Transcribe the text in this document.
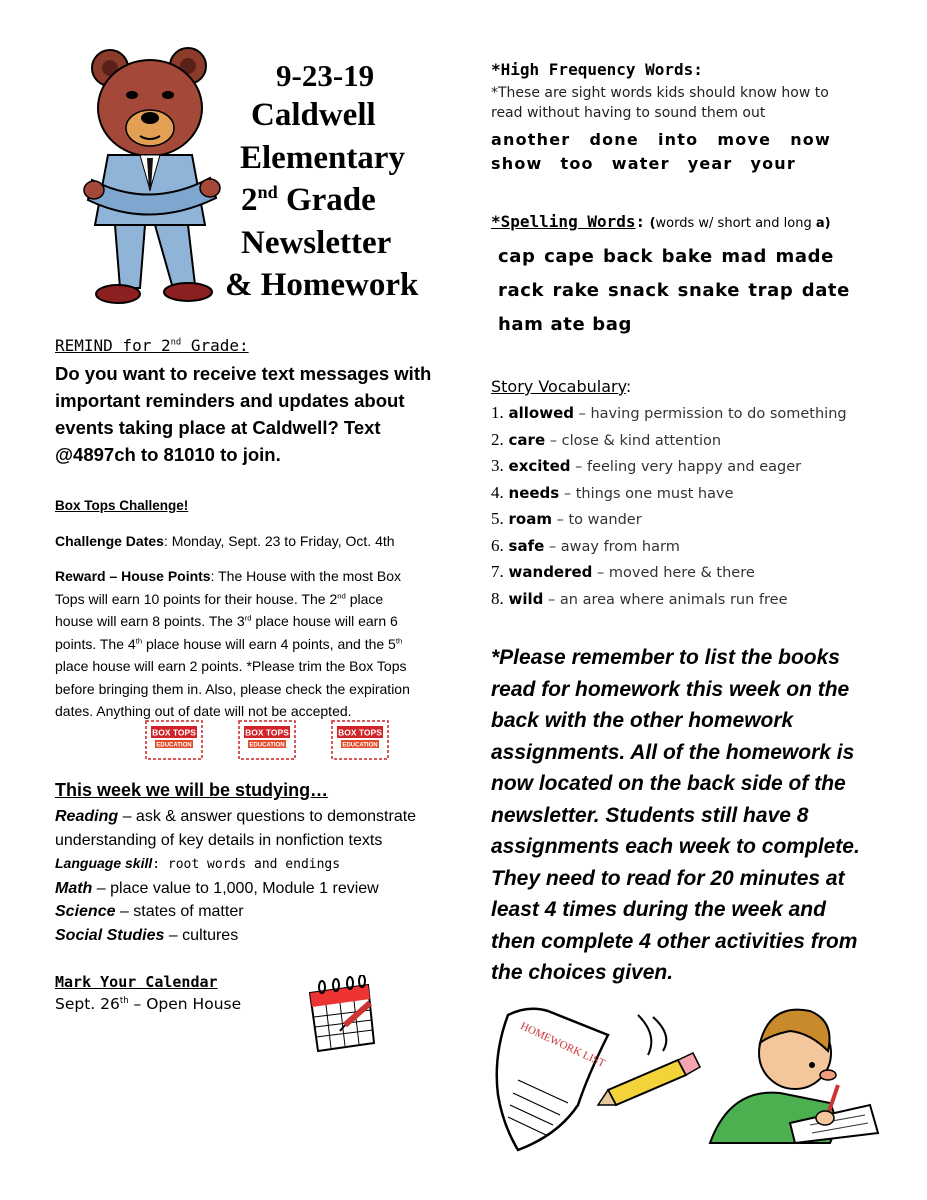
9-23-19
Caldwell
Elementary
2nd Grade
Newsletter
& Homework
REMIND for 2nd Grade:
Do you want to receive text messages with important reminders and updates about events taking place at Caldwell? Text @4897ch to 81010 to join.
Box Tops Challenge!
Challenge Dates: Monday, Sept. 23 to Friday, Oct. 4th
Reward – House Points: The House with the most Box Tops will earn 10 points for their house. The 2nd place house will earn 8 points. The 3rd place house will earn 6 points. The 4th place house will earn 4 points, and the 5th place house will earn 2 points. *Please trim the Box Tops before bringing them in. Also, please check the expiration dates. Anything out of date will not be accepted.
BOX TOPS
EDUCATION
BOX TOPS
EDUCATION
BOX TOPS
EDUCATION
This week we will be studying…
Reading – ask & answer questions to demonstrate understanding of key details in nonfiction texts
Language skill: root words and endings
Math – place value to 1,000, Module 1 review
Science – states of matter
Social Studies – cultures
Mark Your Calendar
Sept. 26th – Open House
*High Frequency Words:
*These are sight words kids should know how to read without having to sound them out
another done into move now
show too water year your
*Spelling Words: (words w/ short and long a)
cap cape back bake mad made
rack rake snack snake trap date
ham ate bag
Story Vocabulary:
1. allowed – having permission to do something
2. care – close & kind attention
3. excited – feeling very happy and eager
4. needs – things one must have
5. roam – to wander
6. safe – away from harm
7. wandered – moved here & there
8. wild – an area where animals run free
*Please remember to list the books read for homework this week on the back with the other homework assignments. All of the homework is now located on the back side of the newsletter. Students still have 8 assignments each week to complete. They need to read for 20 minutes at least 4 times during the week and then complete 4 other activities from the choices given.
HOMEWORK LIST
